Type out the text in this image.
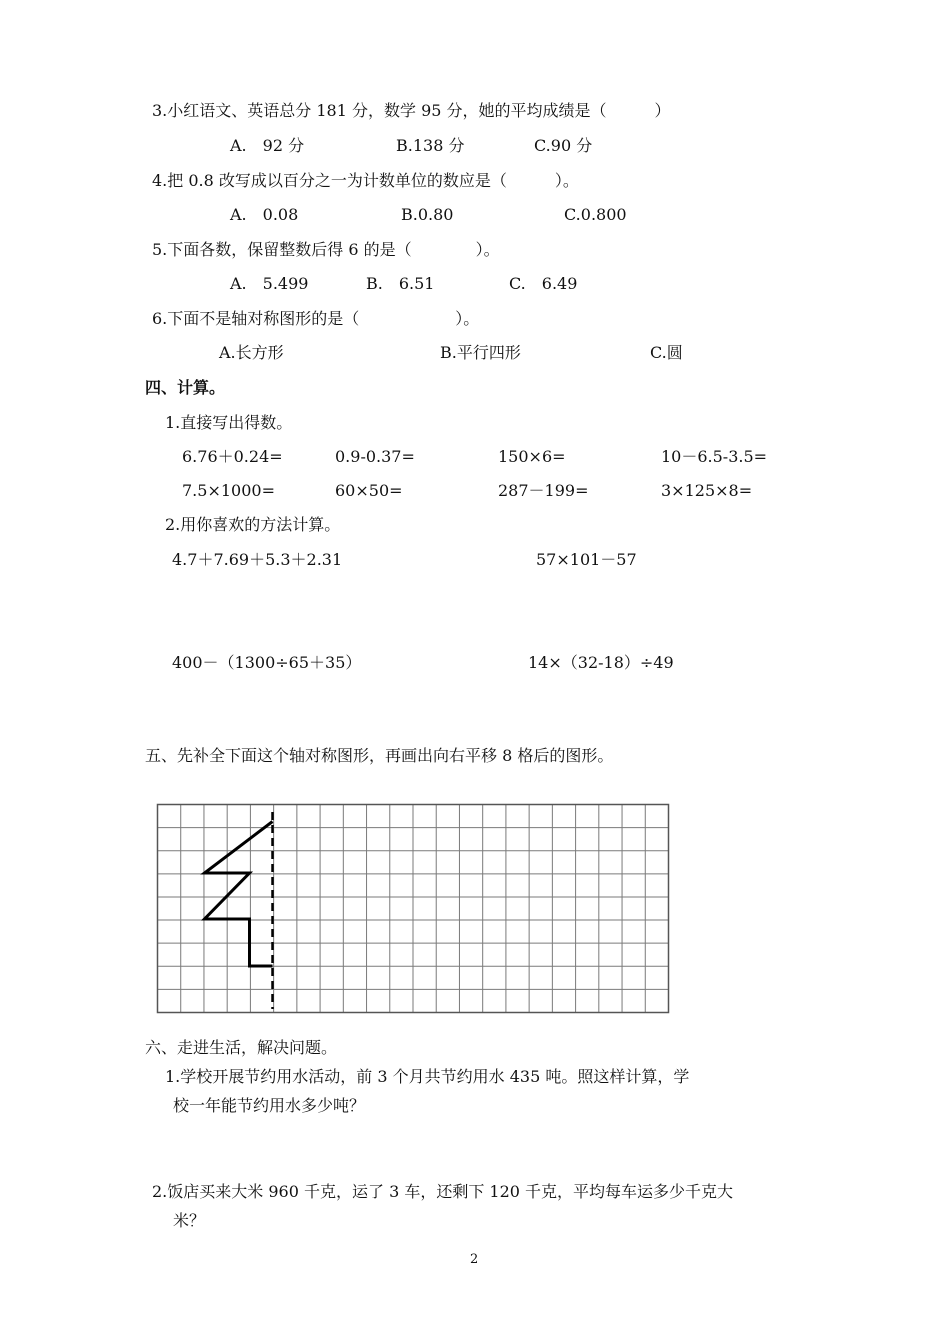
3.小红语文、英语总分 181 分，数学 95 分，她的平均成绩是（　　　）
A.　92 分	B.138 分	C.90 分
4.把 0.8 改写成以百分之一为计数单位的数应是（　　　）。
A.　0.08	B.0.80	C.0.800
5.下面各数，保留整数后得 6 的是（　　　　）。
A.　5.499	B.　6.51	C.　6.49
6.下面不是轴对称图形的是（　　　　　　）。
A.长方形	B.平行四形	C.圆
四、计算。
1.直接写出得数。
6.76＋0.24=	0.9-0.37=	150×6=	10－6.5-3.5=
7.5×1000=	60×50=	287－199=	3×125×8=
2.用你喜欢的方法计算。
4.7＋7.69＋5.3＋2.31	57×101－57
400－（1300÷65＋35）	14×（32-18）÷49
五、先补全下面这个轴对称图形，再画出向右平移 8 格后的图形。
六、走进生活，解决问题。
1.学校开展节约用水活动，前 3 个月共节约用水 435 吨。照这样计算，学
校一年能节约用水多少吨？
2.饭店买来大米 960 千克，运了 3 车，还剩下 120 千克，平均每车运多少千克大
米？
2
